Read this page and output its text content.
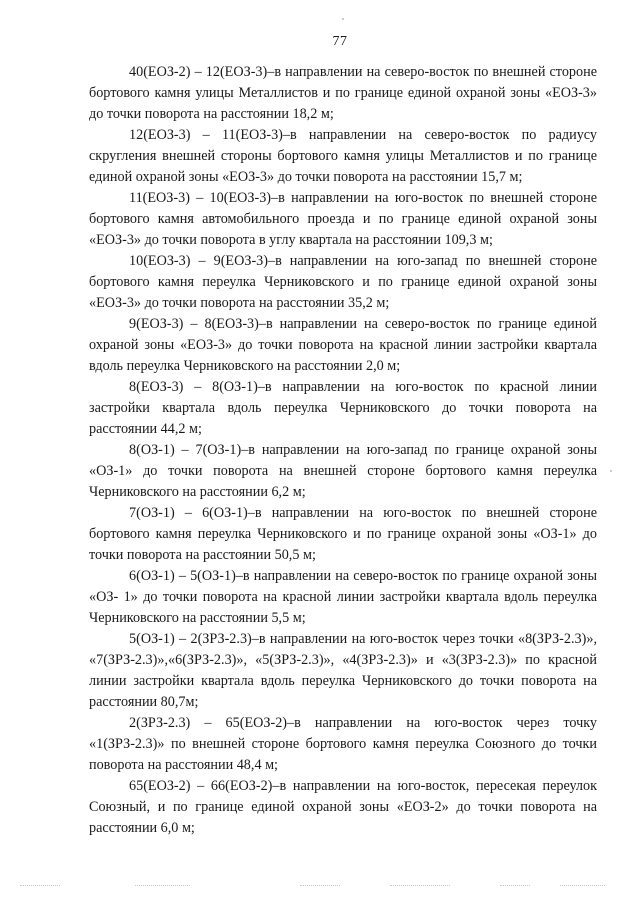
77

40(ЕОЗ-2) – 12(ЕОЗ-3)–в направлении на северо-восток по внешней стороне бортового камня улицы Металлистов и по границе единой охраной зоны «ЕОЗ-3» до точки поворота на расстоянии 18,2 м;

12(ЕОЗ-3) – 11(ЕОЗ-3)–в направлении на северо-восток по радиусу скругления внешней стороны бортового камня улицы Металлистов и по границе единой охраной зоны «ЕОЗ-3» до точки поворота на расстоянии 15,7 м;

11(ЕОЗ-3) – 10(ЕОЗ-3)–в направлении на юго-восток по внешней стороне бортового камня автомобильного проезда и по границе единой охраной зоны «ЕОЗ-3» до точки поворота в углу квартала на расстоянии 109,3 м;

10(ЕОЗ-3) – 9(ЕОЗ-3)–в направлении на юго-запад по внешней стороне бортового камня переулка Черниковского и по границе единой охраной зоны «ЕОЗ-3» до точки поворота на расстоянии 35,2 м;

9(ЕОЗ-3) – 8(ЕОЗ-3)–в направлении на северо-восток по границе единой охраной зоны «ЕОЗ-3» до точки поворота на красной линии застройки квартала вдоль переулка Черниковского на расстоянии 2,0 м;

8(ЕОЗ-3) – 8(ОЗ-1)–в направлении на юго-восток по красной линии застройки квартала вдоль переулка Черниковского до точки поворота на расстоянии 44,2 м;

8(ОЗ-1) – 7(ОЗ-1)–в направлении на юго-запад по границе охраной зоны «ОЗ-1» до точки поворота на внешней стороне бортового камня переулка Черниковского на расстоянии 6,2 м;

7(ОЗ-1) – 6(ОЗ-1)–в направлении на юго-восток по внешней стороне бортового камня переулка Черниковского и по границе охраной зоны «ОЗ-1» до точки поворота на расстоянии 50,5 м;

6(ОЗ-1) – 5(ОЗ-1)–в направлении на северо-восток по границе охраной зоны «ОЗ- 1» до точки поворота на красной линии застройки квартала вдоль переулка Черниковского на расстоянии 5,5 м;

5(ОЗ-1) – 2(ЗРЗ-2.3)–в направлении на юго-восток через точки «8(ЗРЗ-2.3)», «7(ЗРЗ-2.3)»,«6(ЗРЗ-2.3)», «5(ЗРЗ-2.3)», «4(ЗРЗ-2.3)» и «3(ЗРЗ-2.3)» по красной линии застройки квартала вдоль переулка Черниковского до точки поворота на расстоянии 80,7м;

2(ЗРЗ-2.3) – 65(ЕОЗ-2)–в направлении на юго-восток через точку «1(ЗРЗ-2.3)» по внешней стороне бортового камня переулка Союзного до точки поворота на расстоянии 48,4 м;

65(ЕОЗ-2) – 66(ЕОЗ-2)–в направлении на юго-восток, пересекая переулок Союзный, и по границе единой охраной зоны «ЕОЗ-2» до точки поворота на расстоянии 6,0 м;
